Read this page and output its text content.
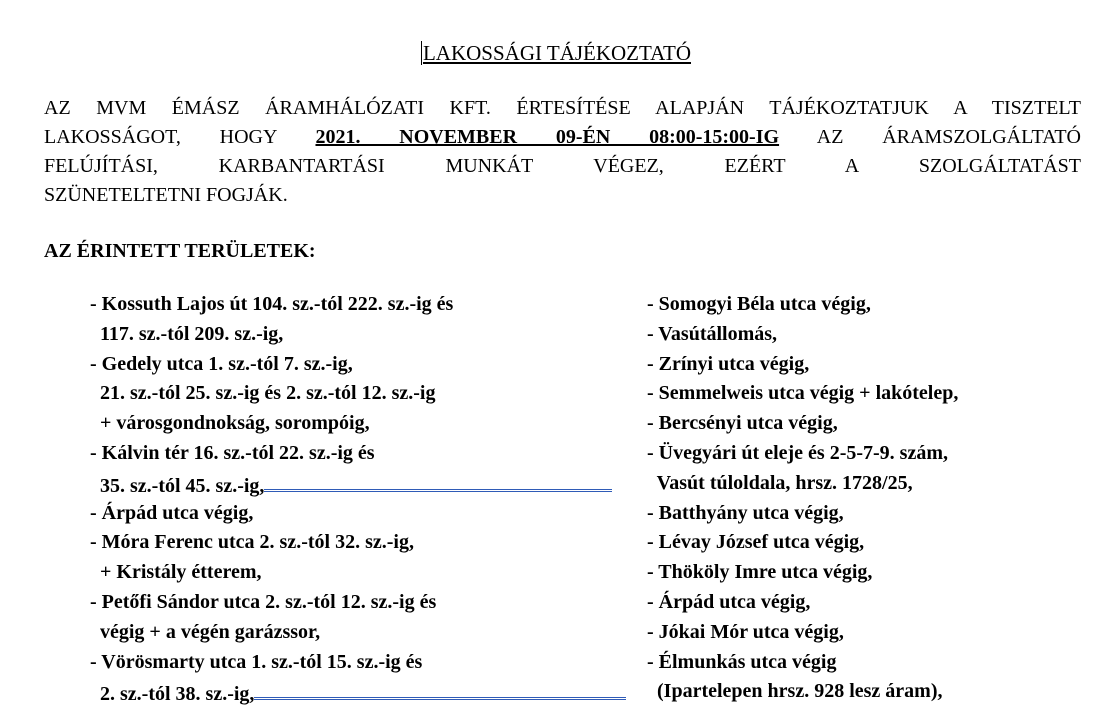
LAKOSSÁGI TÁJÉKOZTATÓ
AZ MVM ÉMÁSZ ÁRAMHÁLÓZATI KFT. ÉRTESÍTÉSE ALAPJÁN TÁJÉKOZTATJUK A TISZTELT
LAKOSSÁGOT, HOGY 2021. NOVEMBER 09-ÉN 08:00-15:00-IG AZ ÁRAMSZOLGÁLTATÓ
FELÚJÍTÁSI, KARBANTARTÁSI MUNKÁT VÉGEZ, EZÉRT A SZOLGÁLTATÁST
SZÜNETELTETNI FOGJÁK.
AZ ÉRINTETT TERÜLETEK:
- Kossuth Lajos út 104. sz.-tól 222. sz.-ig és
117. sz.-tól 209. sz.-ig,
- Gedely utca 1. sz.-tól 7. sz.-ig,
21. sz.-tól 25. sz.-ig és 2. sz.-tól 12. sz.-ig
+ városgondnokság, sorompóig,
- Kálvin tér 16. sz.-tól 22. sz.-ig és
35. sz.-tól 45. sz.-ig,
- Árpád utca végig,
- Móra Ferenc utca 2. sz.-tól 32. sz.-ig,
+ Kristály étterem,
- Petőfi Sándor utca 2. sz.-tól 12. sz.-ig és
végig + a végén garázssor,
- Vörösmarty utca 1. sz.-tól 15. sz.-ig és
2. sz.-tól 38. sz.-ig,
- Somogyi Béla utca végig,
- Vasútállomás,
- Zrínyi utca végig,
- Semmelweis utca végig + lakótelep,
- Bercsényi utca végig,
- Üvegyári út eleje és 2-5-7-9. szám,
Vasút túloldala, hrsz. 1728/25,
- Batthyány utca végig,
- Lévay József utca végig,
- Thököly Imre utca végig,
- Árpád utca végig,
- Jókai Mór utca végig,
- Élmunkás utca végig
(Ipartelepen hrsz. 928 lesz áram),
